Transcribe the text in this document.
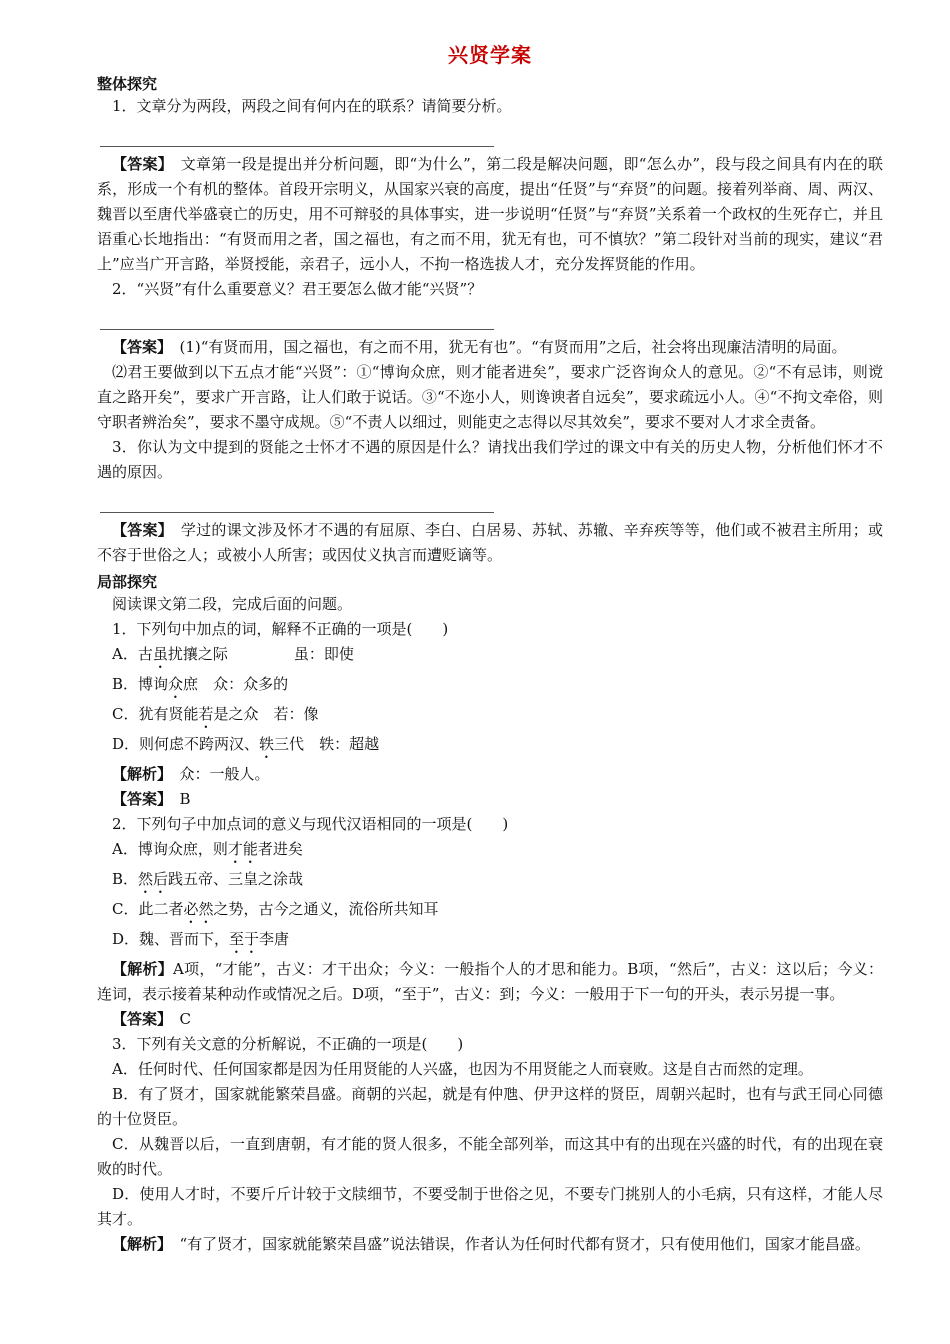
兴贤学案
整体探究

1．文章分为两段，两段之间有何内在的联系？请简要分析。

【答案】　文章第一段是提出并分析问题，即“为什么”，第二段是解决问题，即“怎么办”，段与段之间具有内在的联系，形成一个有机的整体。首段开宗明义，从国家兴衰的高度，提出“任贤”与“弃贤”的问题。接着列举商、周、两汉、魏晋以至唐代举盛衰亡的历史，用不可辩驳的具体事实，进一步说明“任贤”与“弃贤”关系着一个政权的生死存亡，并且语重心长地指出：“有贤而用之者，国之福也，有之而不用，犹无有也，可不慎欤？”第二段针对当前的现实，建议“君上”应当广开言路，举贤授能，亲君子，远小人，不拘一格选拔人才，充分发挥贤能的作用。

2．“兴贤”有什么重要意义？君王要怎么做才能“兴贤”？

【答案】　(1)“有贤而用，国之福也，有之而不用，犹无有也”。“有贤而用”之后，社会将出现廉洁清明的局面。

⑵君王要做到以下五点才能“兴贤”：①“博询众庶，则才能者进矣”，要求广泛咨询众人的意见。②“不有忌讳，则谠直之路开矣”，要求广开言路，让人们敢于说话。③“不迩小人，则谗谀者自远矣”，要求疏远小人。④“不拘文牵俗，则守职者辨治矣”，要求不墨守成规。⑤“不责人以细过，则能吏之志得以尽其效矣”，要求不要对人才求全责备。

3．你认为文中提到的贤能之士怀才不遇的原因是什么？请找出我们学过的课文中有关的历史人物，分析他们怀才不遇的原因。

【答案】　学过的课文涉及怀才不遇的有屈原、李白、白居易、苏轼、苏辙、辛弃疾等等，他们或不被君主所用；或不容于世俗之人；或被小人所害；或因仗义执言而遭贬谪等。

局部探究

阅读课文第二段，完成后面的问题。

1．下列句中加点的词，解释不正确的一项是(　　)

A．古虽扰攘之际	虽：即使

B．博询众庶　 众：众多的

C．犹有贤能若是之众　 若：像

D．则何虑不跨两汉、轶三代　 轶：超越

【解析】　众：一般人。

【答案】　B

2．下列句子中加点词的意义与现代汉语相同的一项是(　　)

A．博询众庶，则才能者进矣

B．然后践五帝、三皇之涂哉

C．此二者必然之势，古今之通义，流俗所共知耳

D．魏、晋而下，至于李唐

【解析】A项，“才能”，古义：才干出众；今义：一般指个人的才思和能力。B项，“然后”，古义：这以后；今义：连词，表示接着某种动作或情况之后。D项，“至于”，古义：到；今义：一般用于下一句的开头，表示另提一事。

【答案】　C

3．下列有关文意的分析解说，不正确的一项是(　　)

A．任何时代、任何国家都是因为任用贤能的人兴盛，也因为不用贤能之人而衰败。这是自古而然的定理。

B．有了贤才，国家就能繁荣昌盛。商朝的兴起，就是有仲虺、伊尹这样的贤臣，周朝兴起时，也有与武王同心同德的十位贤臣。

C．从魏晋以后，一直到唐朝，有才能的贤人很多，不能全部列举，而这其中有的出现在兴盛的时代，有的出现在衰败的时代。

D．使用人才时，不要斤斤计较于文牍细节，不要受制于世俗之见，不要专门挑别人的小毛病，只有这样，才能人尽其才。

【解析】　“有了贤才，国家就能繁荣昌盛”说法错误，作者认为任何时代都有贤才，只有使用他们，国家才能昌盛。
